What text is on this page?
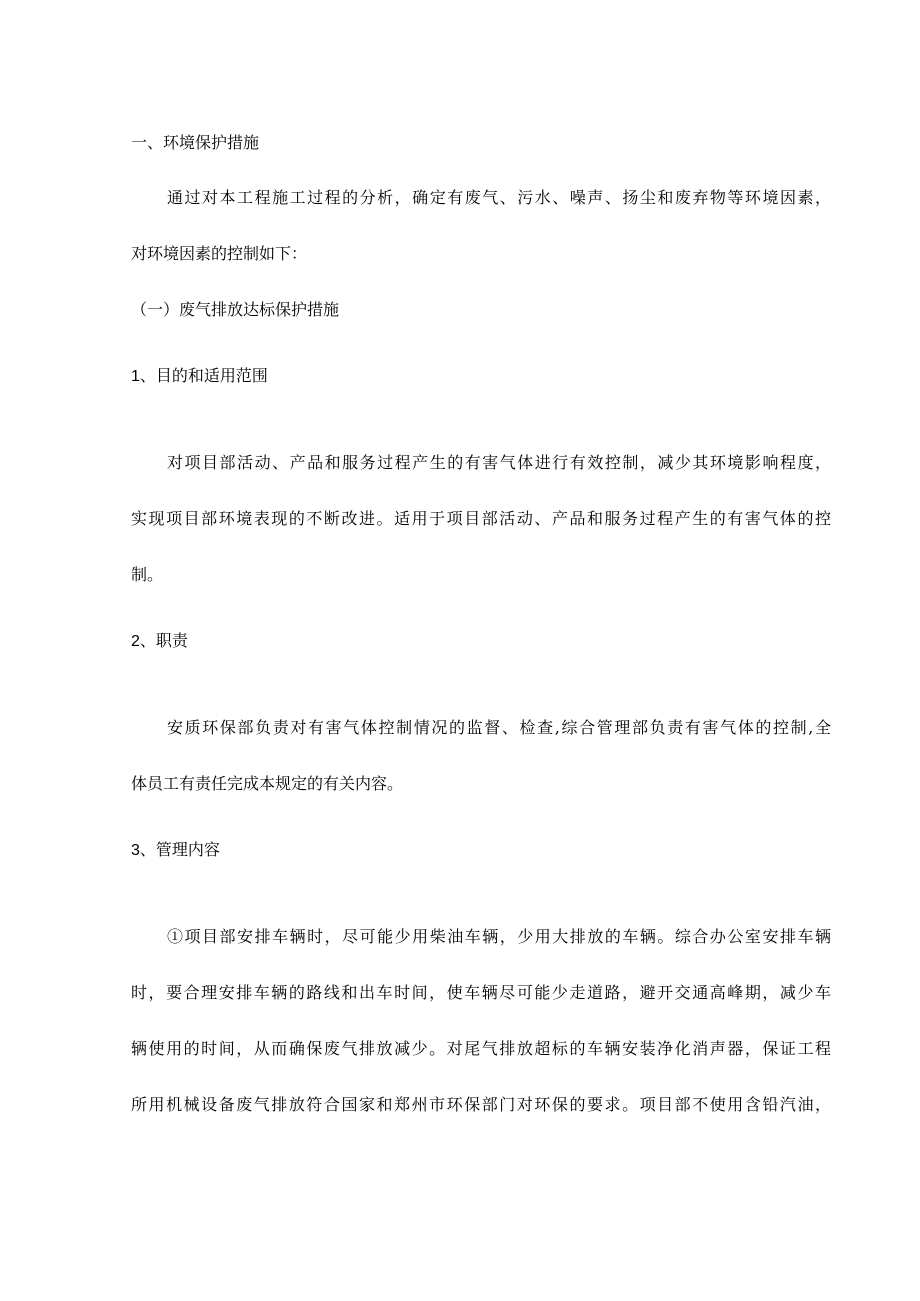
一、环境保护措施
通过对本工程施工过程的分析，确定有废气、污水、噪声、扬尘和废弃物等环境因素，
对环境因素的控制如下：
（一）废气排放达标保护措施
1、目的和适用范围
对项目部活动、产品和服务过程产生的有害气体进行有效控制，减少其环境影响程度，
实现项目部环境表现的不断改进。适用于项目部活动、产品和服务过程产生的有害气体的控
制。
2、职责
安质环保部负责对有害气体控制情况的监督、检查,综合管理部负责有害气体的控制,全
体员工有责任完成本规定的有关内容。
3、管理内容
①项目部安排车辆时，尽可能少用柴油车辆，少用大排放的车辆。综合办公室安排车辆
时，要合理安排车辆的路线和出车时间，使车辆尽可能少走道路，避开交通高峰期，减少车
辆使用的时间，从而确保废气排放减少。对尾气排放超标的车辆安装净化消声器，保证工程
所用机械设备废气排放符合国家和郑州市环保部门对环保的要求。项目部不使用含铅汽油，
